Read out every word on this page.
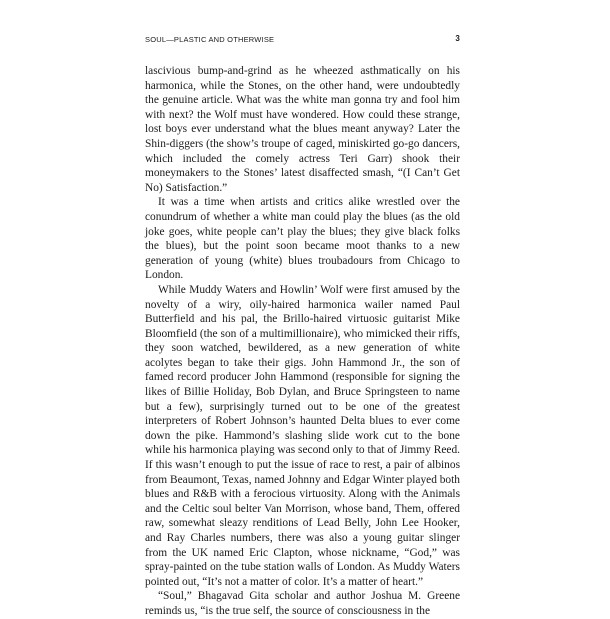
SOUL—PLASTIC AND OTHERWISE	3

lascivious bump-and-grind as he wheezed asthmatically on his harmonica, while the Stones, on the other hand, were undoubtedly the genuine article. What was the white man gonna try and fool him with next? the Wolf must have wondered. How could these strange, lost boys ever understand what the blues meant anyway? Later the Shin-diggers (the show’s troupe of caged, miniskirted go-go dancers, which included the comely actress Teri Garr) shook their moneymakers to the Stones’ latest disaffected smash, “(I Can’t Get No) Satisfaction.”

It was a time when artists and critics alike wrestled over the conundrum of whether a white man could play the blues (as the old joke goes, white people can’t play the blues; they give black folks the blues), but the point soon became moot thanks to a new generation of young (white) blues troubadours from Chicago to London.

While Muddy Waters and Howlin’ Wolf were first amused by the novelty of a wiry, oily-haired harmonica wailer named Paul Butterfield and his pal, the Brillo-haired virtuosic guitarist Mike Bloomfield (the son of a multimillionaire), who mimicked their riffs, they soon watched, bewildered, as a new generation of white acolytes began to take their gigs. John Hammond Jr., the son of famed record producer John Hammond (responsible for signing the likes of Billie Holiday, Bob Dylan, and Bruce Springsteen to name but a few), surprisingly turned out to be one of the greatest interpreters of Robert Johnson’s haunted Delta blues to ever come down the pike. Hammond’s slashing slide work cut to the bone while his harmonica playing was second only to that of Jimmy Reed. If this wasn’t enough to put the issue of race to rest, a pair of albinos from Beaumont, Texas, named Johnny and Edgar Winter played both blues and R&B with a ferocious virtuosity. Along with the Animals and the Celtic soul belter Van Morrison, whose band, Them, offered raw, somewhat sleazy renditions of Lead Belly, John Lee Hooker, and Ray Charles numbers, there was also a young guitar slinger from the UK named Eric Clapton, whose nickname, “God,” was spray-painted on the tube station walls of London. As Muddy Waters pointed out, “It’s not a matter of color. It’s a matter of heart.”

“Soul,” Bhagavad Gita scholar and author Joshua M. Greene reminds us, “is the true self, the source of consciousness in the
